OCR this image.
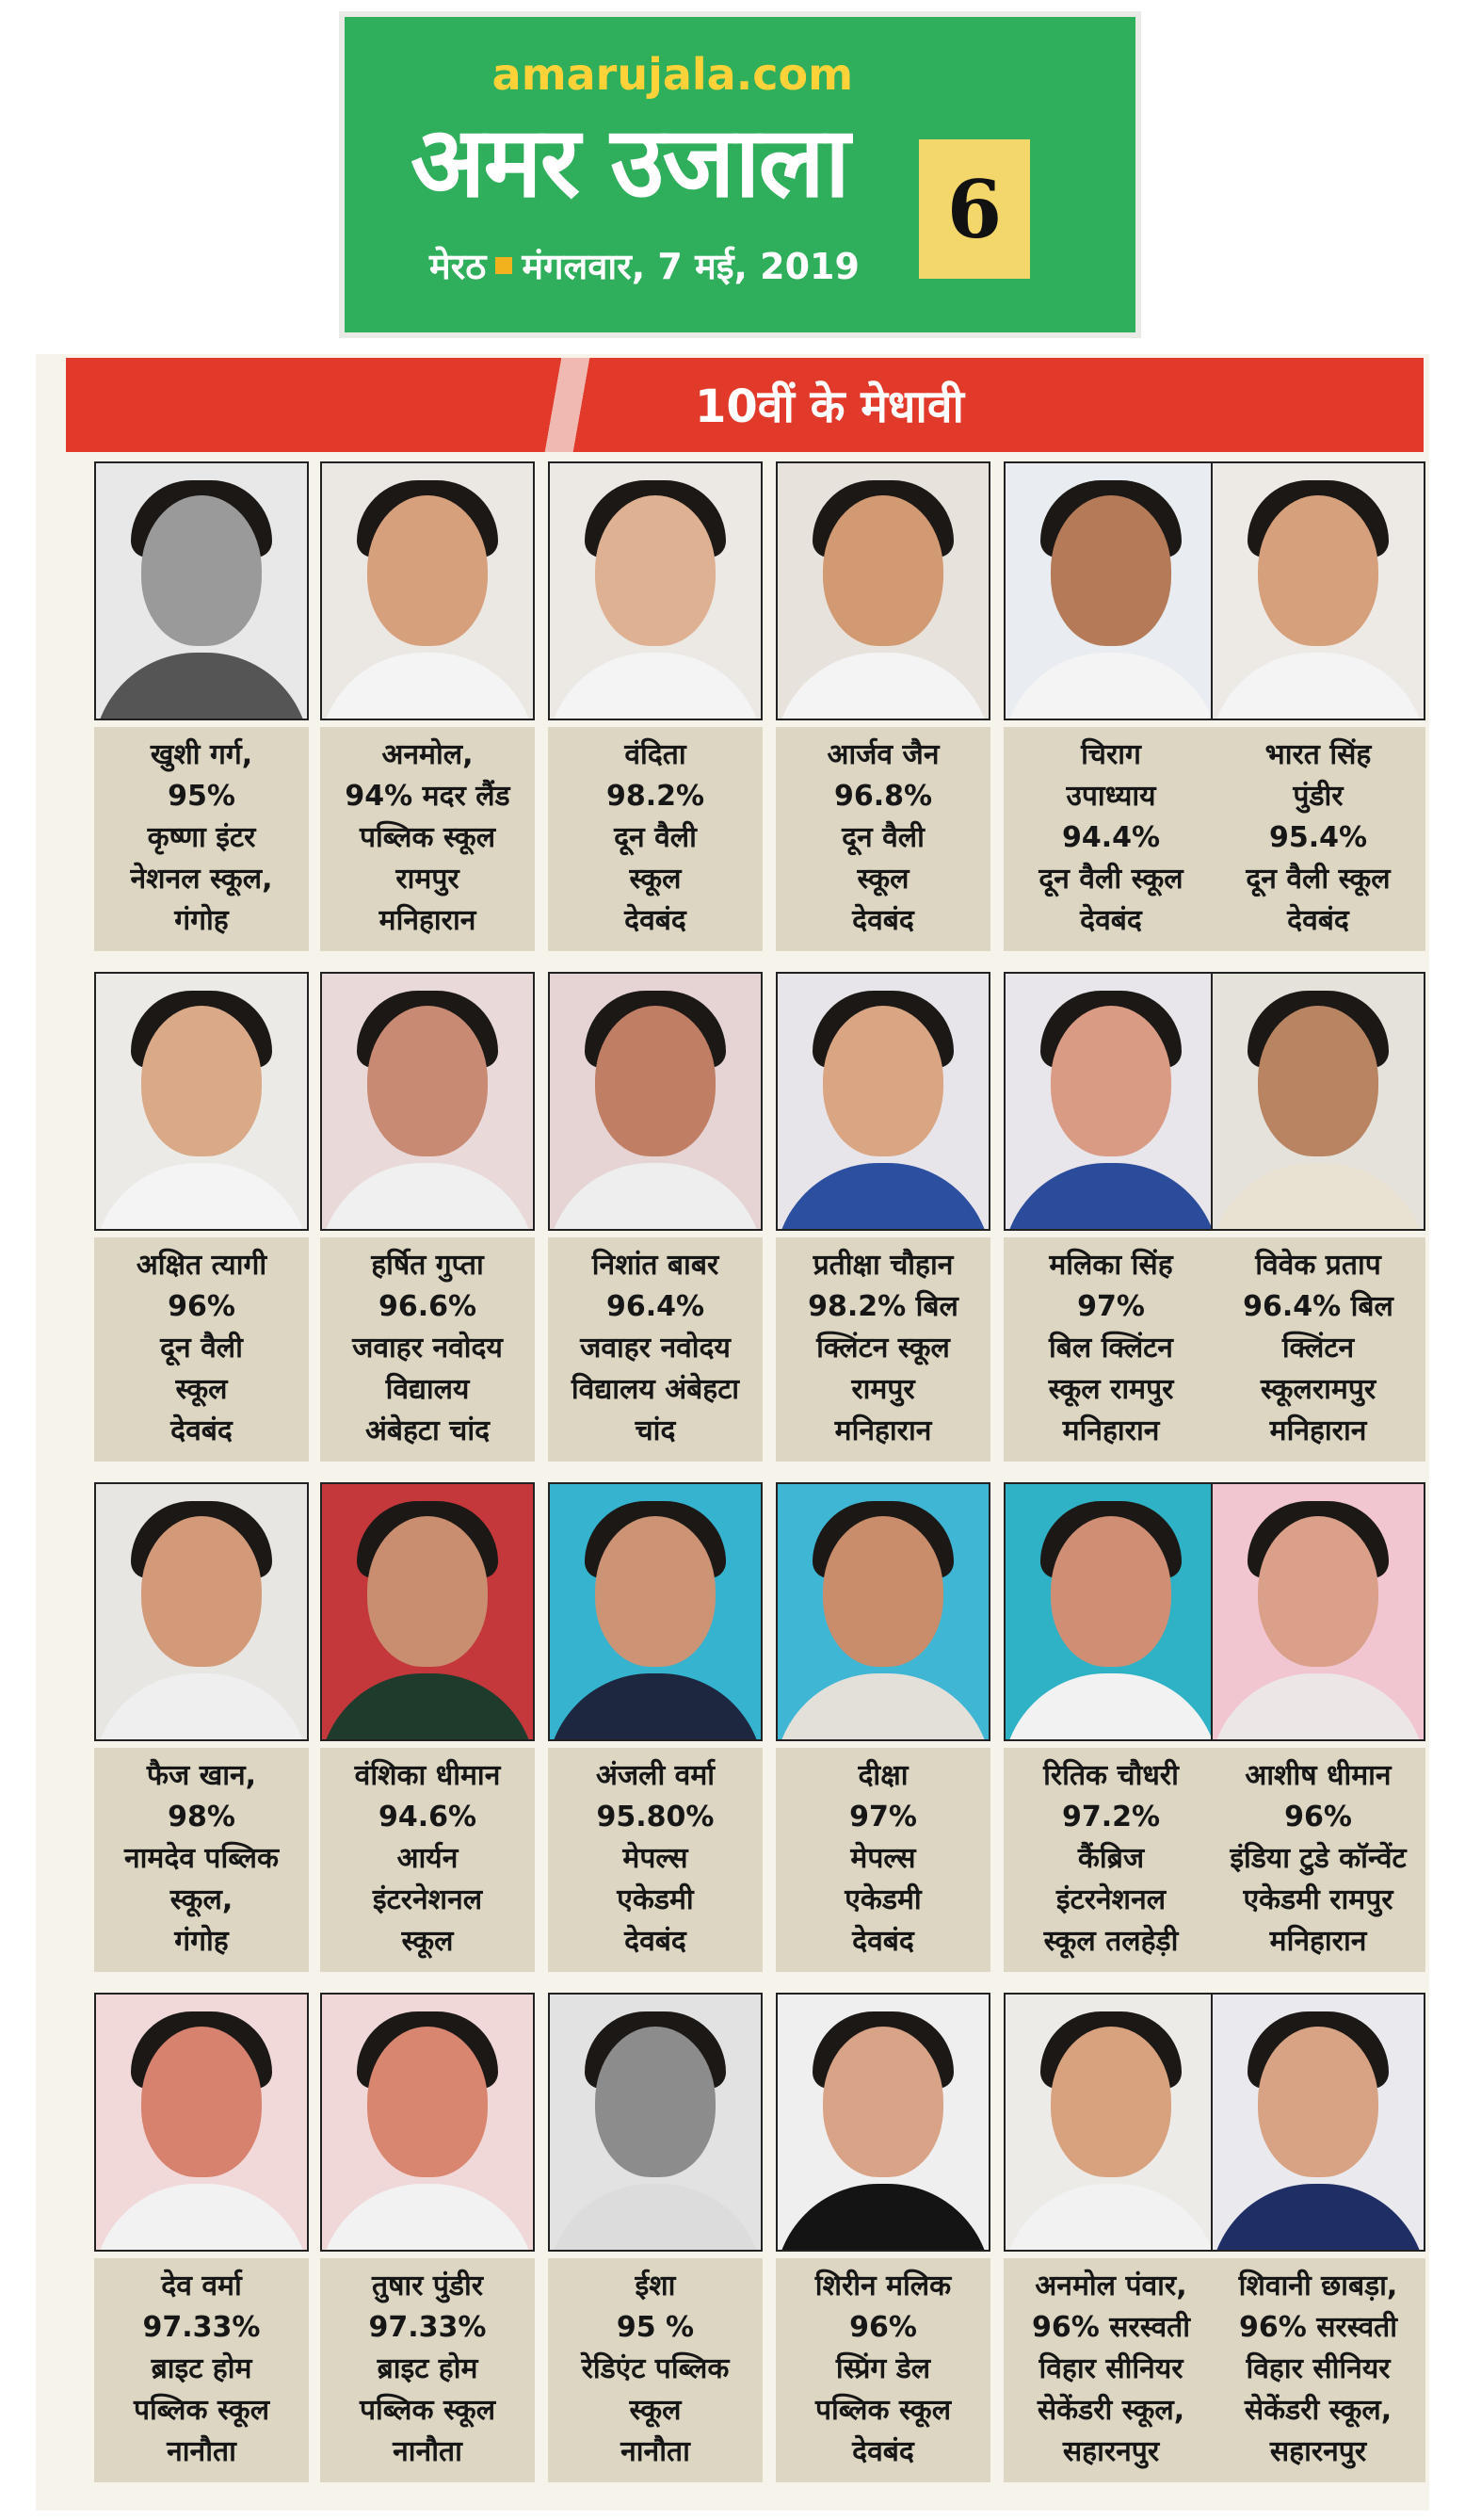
amarujala.com
अमर उजाला
मेरठ मंगलवार, 7 मई, 2019
6
10वीं के मेधावी
खुशी गर्ग,
95%
कृष्णा इंटर
नेशनल स्कूल,
गंगोह
अनमोल,
94% मदर लैंड
पब्लिक स्कूल
रामपुर
मनिहारान
वंदिता
98.2%
दून वैली
स्कूल
देवबंद
आर्जव जैन
96.8%
दून वैली
स्कूल
देवबंद
चिराग
उपाध्याय
94.4%
दून वैली स्कूल
देवबंद
भारत सिंह
पुंडीर
95.4%
दून वैली स्कूल
देवबंद
अक्षित त्यागी
96%
दून वैली
स्कूल
देवबंद
हर्षित गुप्ता
96.6%
जवाहर नवोदय
विद्यालय
अंबेहटा चांद
निशांत बाबर
96.4%
जवाहर नवोदय
विद्यालय अंबेहटा
चांद
प्रतीक्षा चौहान
98.2% बिल
क्लिंटन स्कूल
रामपुर
मनिहारान
मलिका सिंह
97%
बिल क्लिंटन
स्कूल रामपुर
मनिहारान
विवेक प्रताप
96.4% बिल
क्लिंटन
स्कूलरामपुर
मनिहारान
फैज खान,
98%
नामदेव पब्लिक
स्कूल,
गंगोह
वंशिका धीमान
94.6%
आर्यन
इंटरनेशनल
स्कूल
अंजली वर्मा
95.80%
मेपल्स
एकेडमी
देवबंद
दीक्षा
97%
मेपल्स
एकेडमी
देवबंद
रितिक चौधरी
97.2%
कैंब्रिज
इंटरनेशनल
स्कूल तलहेड़ी
आशीष धीमान
96%
इंडिया टुडे कॉन्वेंट
एकेडमी रामपुर
मनिहारान
देव वर्मा
97.33%
ब्राइट होम
पब्लिक स्कूल
नानौता
तुषार पुंडीर
97.33%
ब्राइट होम
पब्लिक स्कूल
नानौता
ईशा
95 %
रेडिएंट पब्लिक
स्कूल
नानौता
शिरीन मलिक
96%
स्प्रिंग डेल
पब्लिक स्कूल
देवबंद
अनमोल पंवार,
96% सरस्वती
विहार सीनियर
सेकेंडरी स्कूल,
सहारनपुर
शिवानी छाबड़ा,
96% सरस्वती
विहार सीनियर
सेकेंडरी स्कूल,
सहारनपुर
